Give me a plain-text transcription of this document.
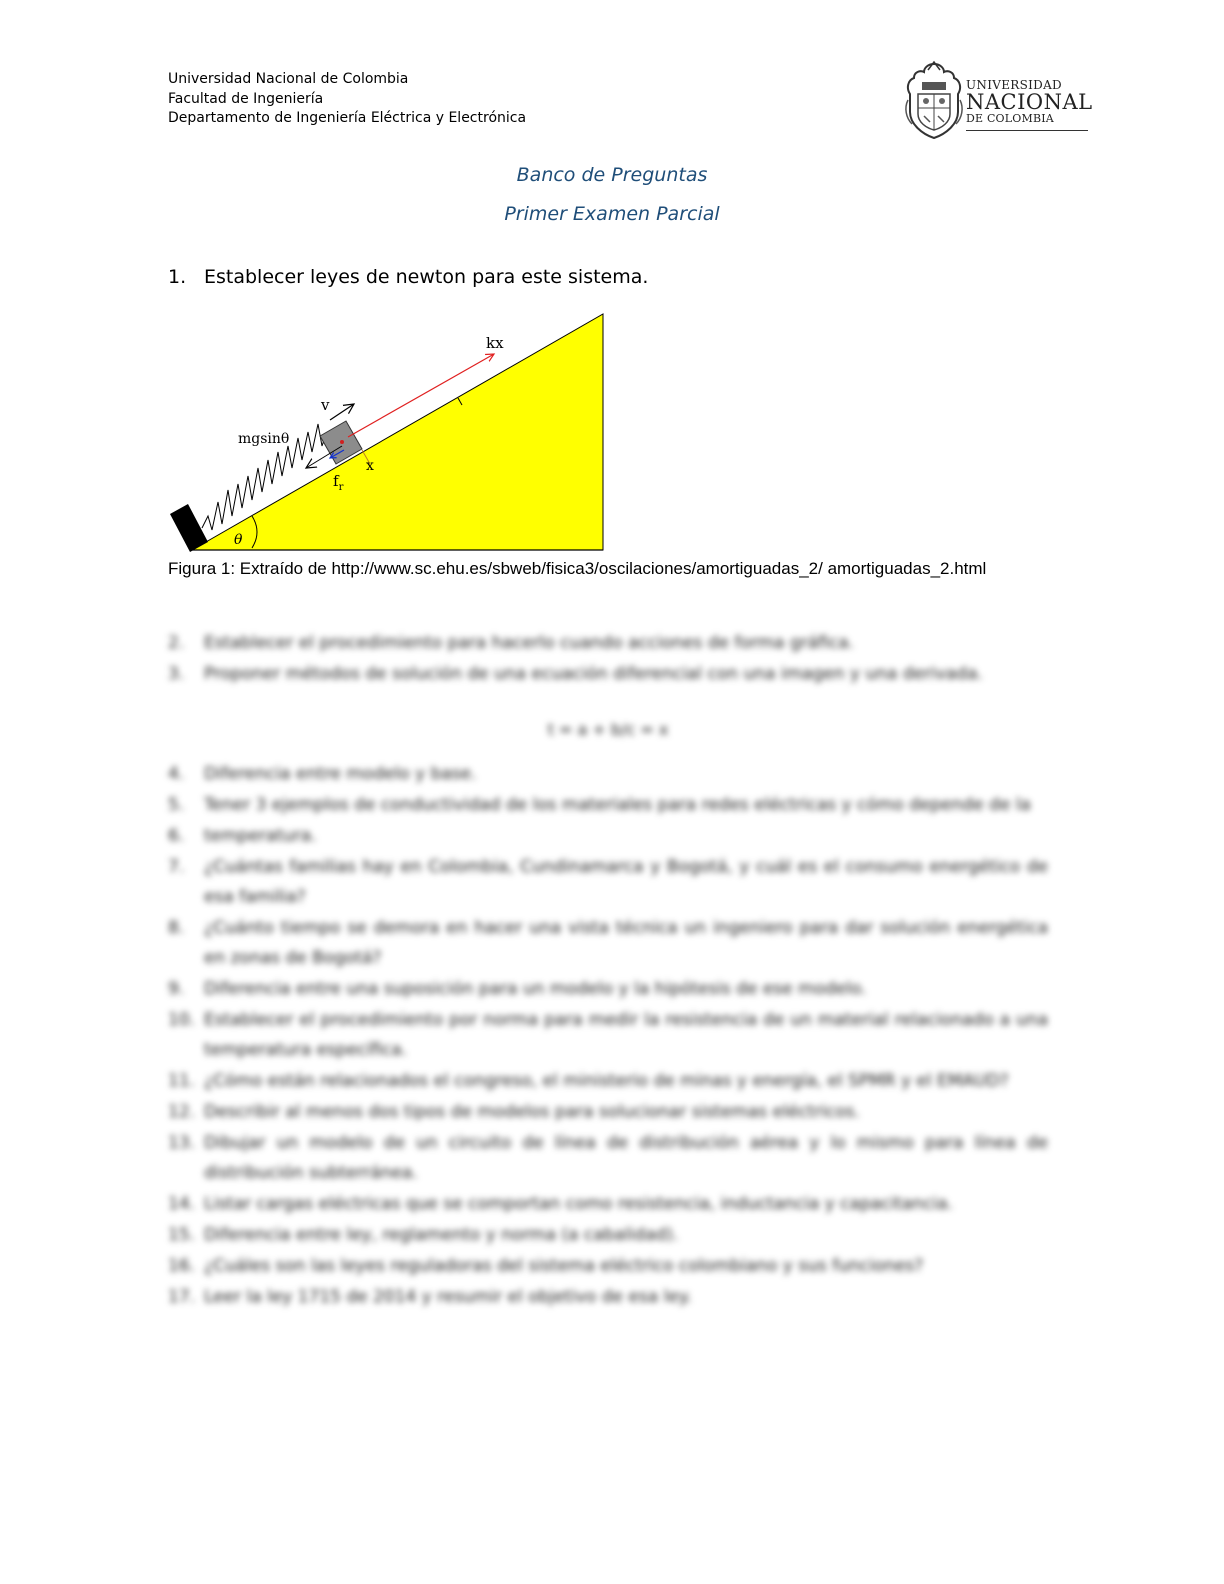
Universidad Nacional de Colombia
Facultad de Ingeniería
Departamento de Ingeniería Eléctrica y Electrónica
UNIVERSIDAD
NACIONAL
DE COLOMBIA
Banco de Preguntas
Primer Examen Parcial
1. Establecer leyes de newton para este sistema.
kx
v
mgsinθ
x
$f_r$
θ
Figura 1: Extraído de http://www.sc.ehu.es/sbweb/fisica3/oscilaciones/amortiguadas_2/ amortiguadas_2.html
2. Establecer el procedimiento para hacerlo cuando acciones de forma gráfica.
3. Proponer métodos de solución de una ecuación diferencial con una imagen y una derivada.
t = a + b/c = x
4. Diferencia entre modelo y base.
5. Tener 3 ejemplos de conductividad de los materiales para redes eléctricas y cómo depende de la
6. temperatura.
7. ¿Cuántas familias hay en Colombia, Cundinamarca y Bogotá, y cuál es el consumo energético de esa familia?
8. ¿Cuánto tiempo se demora en hacer una vista técnica un ingeniero para dar solución energética en zonas de Bogotá?
9. Diferencia entre una suposición para un modelo y la hipótesis de ese modelo.
10. Establecer el procedimiento por norma para medir la resistencia de un material relacionado a una temperatura específica.
11. ¿Cómo están relacionados el congreso, el ministerio de minas y energía, el SPMR y el EMAUD?
12. Describir al menos dos tipos de modelos para solucionar sistemas eléctricos.
13. Dibujar un modelo de un circuito de línea de distribución aérea y lo mismo para línea de distribución subterránea.
14. Listar cargas eléctricas que se comportan como resistencia, inductancia y capacitancia.
15. Diferencia entre ley, reglamento y norma (a cabalidad).
16. ¿Cuáles son las leyes reguladoras del sistema eléctrico colombiano y sus funciones?
17. Leer la ley 1715 de 2014 y resumir el objetivo de esa ley.
